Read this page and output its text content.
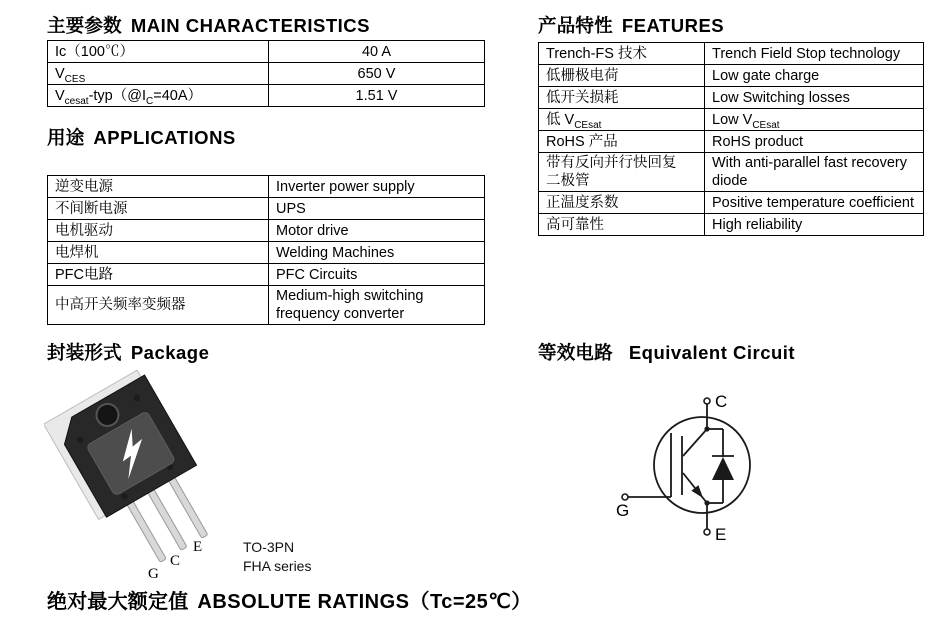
主要参数 MAIN CHARACTERISTICS
Ic（100℃）	40 A
$V_{CES}$	650 V
$V_{cesat}-typ(@I_C=40A)$	1.51 V
产品特性 FEATURES
Trench-FS 技术	Trench Field Stop technology
低栅极电荷	Low gate charge
低开关损耗	Low Switching losses
低 $V_{CEsat}$	Low $V_{CEsat}$
RoHS 产品	RoHS product
带有反向并行快回复
二极管	With anti-parallel fast recovery diode
正温度系数	Positive temperature coefficient
高可靠性	High reliability
用途 APPLICATIONS
逆变电源	Inverter power supply
不间断电源	UPS
电机驱动	Motor drive
电焊机	Welding Machines
PFC电路	PFC Circuits
中高开关频率变频器	Medium-high switching frequency converter
封装形式 Package
G
C
E	TO-3PN
FHA series
等效电路 Equivalent Circuit
C
G
E
绝对最大额定值 ABSOLUTE RATINGS（Tc=25℃）
